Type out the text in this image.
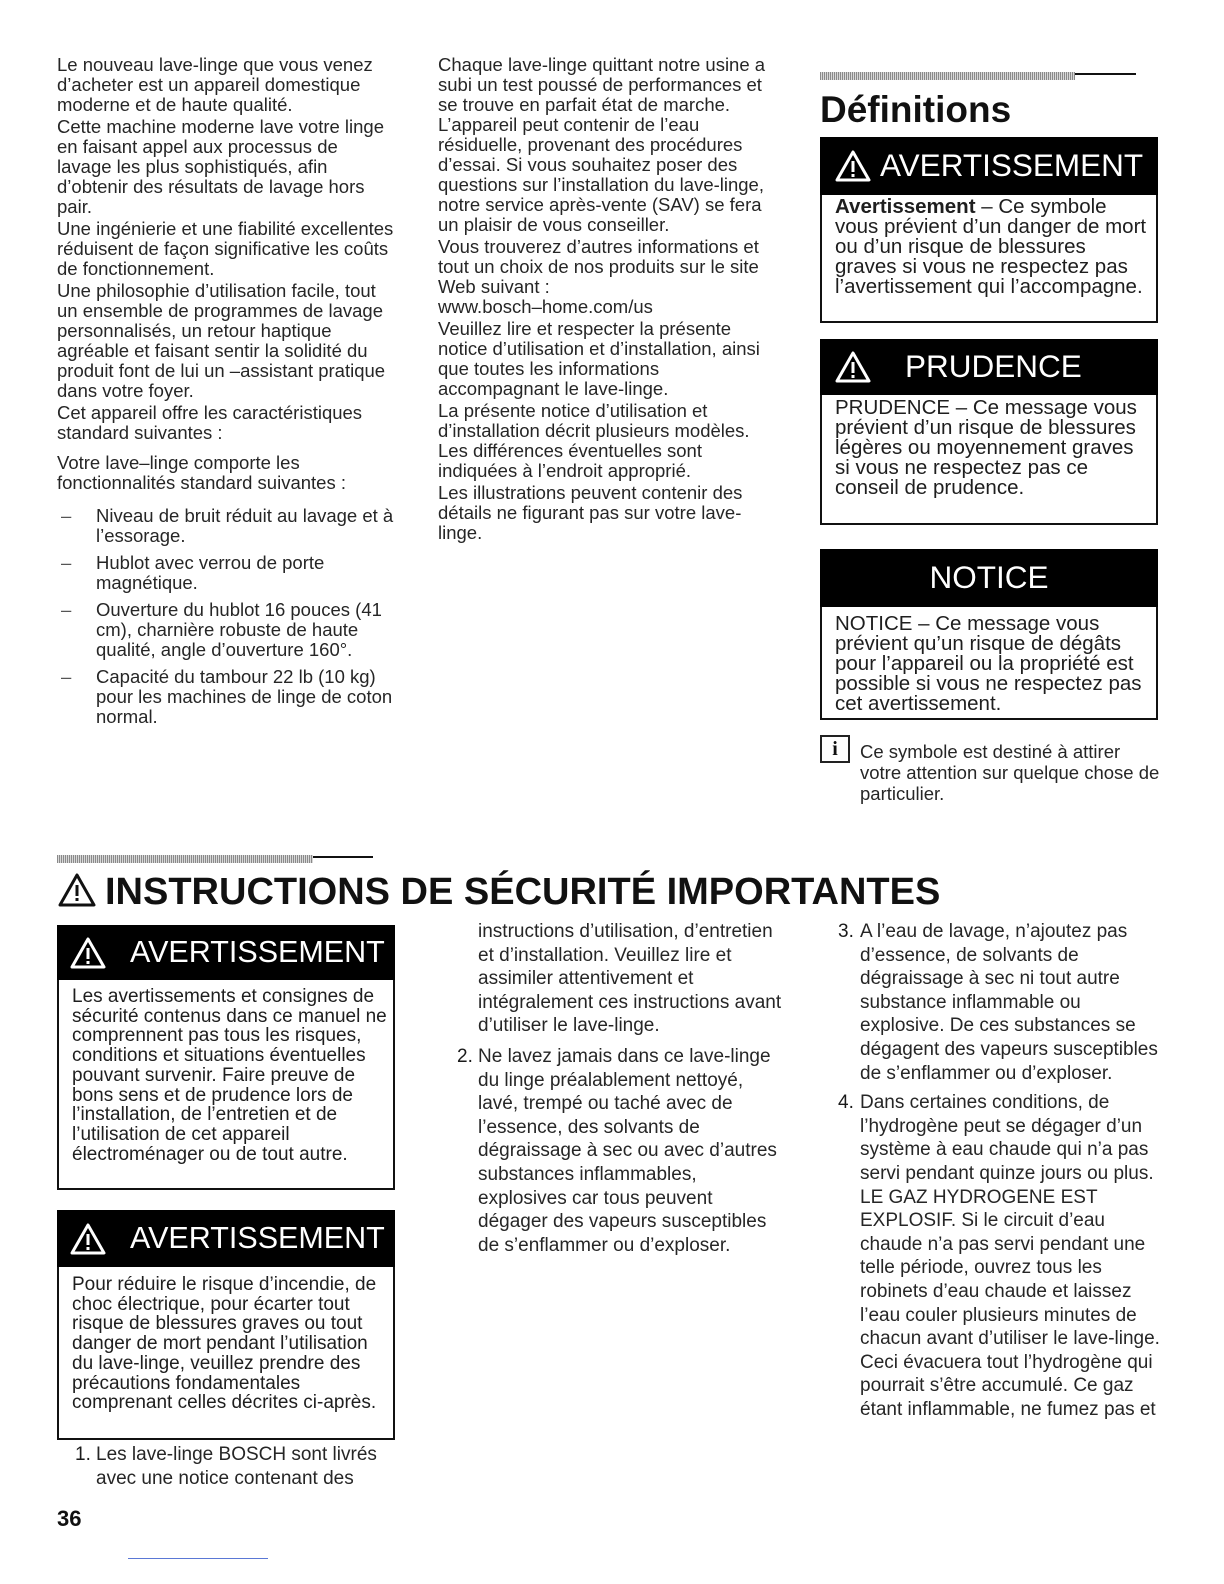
Le nouveau lave-linge que vous venez d’acheter est un appareil domestique moderne et de haute qualité.

Cette machine moderne lave votre linge en faisant appel aux processus de lavage les plus sophistiqués, afin d’obtenir des résultats de lavage hors pair.

Une ingénierie et une fiabilité excellentes réduisent de façon significative les coûts de fonctionnement.

Une philosophie d’utilisation facile, tout un ensemble de programmes de lavage personnalisés, un retour haptique agréable et faisant sentir la solidité du produit font de lui un –assistant pratique dans votre foyer.

Cet appareil offre les caractéristiques standard suivantes :

Votre lave–linge comporte les fonctionnalités standard suivantes :

–	Niveau de bruit réduit au lavage et à l’essorage.
–	Hublot avec verrou de porte magnétique.
–	Ouverture du hublot 16 pouces (41 cm), charnière robuste de haute qualité, angle d’ouverture 160°.
–	Capacité du tambour 22 lb (10 kg) pour les machines de linge de coton normal.

Chaque lave-linge quittant notre usine a subi un test poussé de performances et se trouve en parfait état de marche. L’appareil peut contenir de l’eau résiduelle, provenant des procédures d’essai. Si vous souhaitez poser des questions sur l’installation du lave-linge, notre service après-vente (SAV) se fera un plaisir de vous conseiller.

Vous trouverez d’autres informations et tout un choix de nos produits sur le site Web suivant :
www.bosch–home.com/us

Veuillez lire et respecter la présente notice d’utilisation et d’installation, ainsi que toutes les informations accompagnant le lave-linge.

La présente notice d’utilisation et d’installation décrit plusieurs modèles. Les différences éventuelles sont indiquées à l’endroit approprié.

Les illustrations peuvent contenir des détails ne figurant pas sur votre lave-linge.

Définitions
AVERTISSEMENT
Avertissement – Ce symbole vous prévient d’un danger de mort ou d’un risque de blessures graves si vous ne respectez pas l’avertissement qui l’accompagne.
PRUDENCE
PRUDENCE – Ce message vous prévient d’un risque de blessures légères ou moyennement graves si vous ne respectez pas ce conseil de prudence.
NOTICE
NOTICE – Ce message vous prévient qu’un risque de dégâts pour l’appareil ou la propriété est possible si vous ne respectez pas cet avertissement.
i	Ce symbole est destiné à attirer votre attention sur quelque chose de particulier.
INSTRUCTIONS DE SÉCURITÉ IMPORTANTES
AVERTISSEMENT
Les avertissements et consignes de sécurité contenus dans ce manuel ne comprennent pas tous les risques, conditions et situations éventuelles pouvant survenir. Faire preuve de bons sens et de prudence lors de l’installation, de l’entretien et de l’utilisation de cet appareil électroménager ou de tout autre.
AVERTISSEMENT
Pour réduire le risque d’incendie, de choc électrique, pour écarter tout risque de blessures graves ou tout danger de mort pendant l’utilisation du lave-linge, veuillez prendre des précautions fondamentales comprenant celles décrites ci-après.
1. Les lave-linge BOSCH sont livrés avec une notice contenant des

instructions d’utilisation, d’entretien et d’installation. Veuillez lire et assimiler attentivement et intégralement ces instructions avant d’utiliser le lave-linge.

2. Ne lavez jamais dans ce lave-linge du linge préalablement nettoyé, lavé, trempé ou taché avec de l’essence, des solvants de dégraissage à sec ou avec d’autres substances inflammables, explosives car tous peuvent dégager des vapeurs susceptibles de s’enflammer ou d’exploser.
3. A l’eau de lavage, n’ajoutez pas d’essence, de solvants de dégraissage à sec ni tout autre substance inflammable ou explosive. De ces substances se dégagent des vapeurs susceptibles de s’enflammer ou d’exploser.
4. Dans certaines conditions, de l’hydrogène peut se dégager d’un système à eau chaude qui n’a pas servi pendant quinze jours ou plus. LE GAZ HYDROGENE EST EXPLOSIF. Si le circuit d’eau chaude n’a pas servi pendant une telle période, ouvrez tous les robinets d’eau chaude et laissez l’eau couler plusieurs minutes de chacun avant d’utiliser le lave-linge. Ceci évacuera tout l’hydrogène qui pourrait s’être accumulé. Ce gaz étant inflammable, ne fumez pas et
36
